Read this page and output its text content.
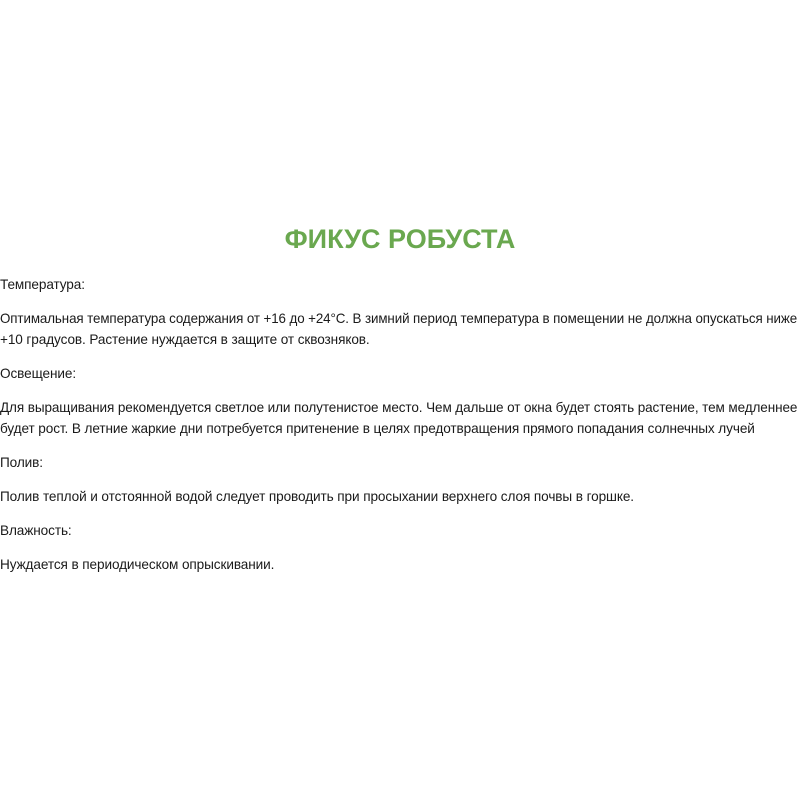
ФИКУС РОБУСТА
Температура:
Оптимальная температура содержания от +16 до +24°С. В зимний период температура в помещении не должна опускаться ниже
+10 градусов. Растение нуждается в защите от сквозняков.
Освещение:
Для выращивания рекомендуется светлое или полутенистое место. Чем дальше от окна будет стоять растение, тем медленнее
будет рост. В летние жаркие дни потребуется притенение в целях предотвращения прямого попадания солнечных лучей
Полив:
Полив теплой и отстоянной водой следует проводить при просыхании верхнего слоя почвы в горшке.
Влажность:
Нуждается в периодическом опрыскивании.
